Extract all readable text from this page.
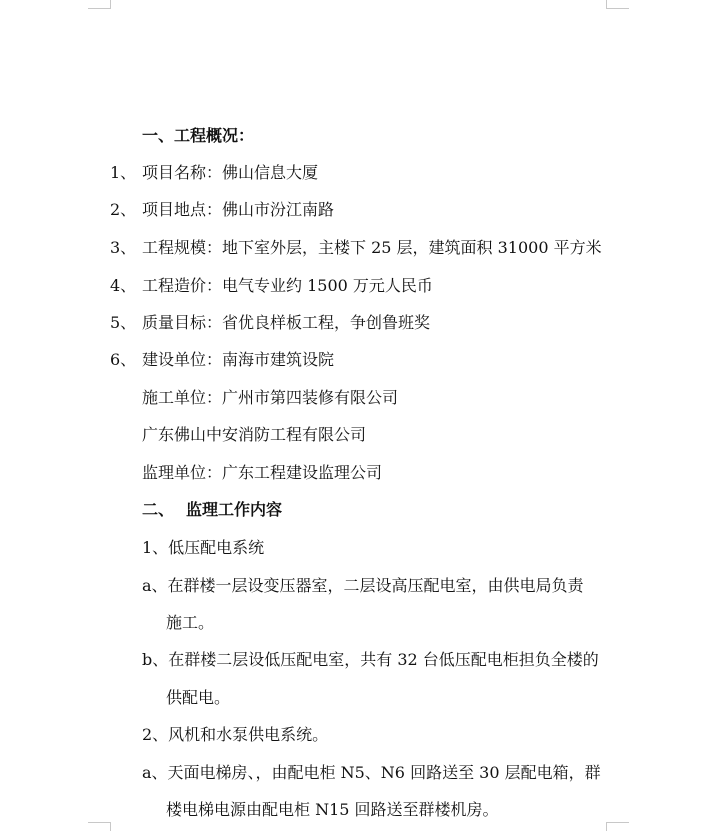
一、工程概况：
1、 项目名称：佛山信息大厦
2、 项目地点：佛山市汾江南路
3、 工程规模：地下室外层，主楼下 25 层，建筑面积 31000 平方米
4、 工程造价：电气专业约 1500 万元人民币
5、 质量目标：省优良样板工程，争创鲁班奖
6、 建设单位：南海市建筑设院
施工单位：广州市第四装修有限公司
广东佛山中安消防工程有限公司
监理单位：广东工程建设监理公司
二、 监理工作内容
1、低压配电系统
a、在群楼一层设变压器室，二层设高压配电室，由供电局负责
施工。
b、在群楼二层设低压配电室，共有 32 台低压配电柜担负全楼的
供配电。
2、风机和水泵供电系统。
a、天面电梯房、，由配电柜 N5、N6 回路送至 30 层配电箱，群
楼电梯电源由配电柜 N15 回路送至群楼机房。
